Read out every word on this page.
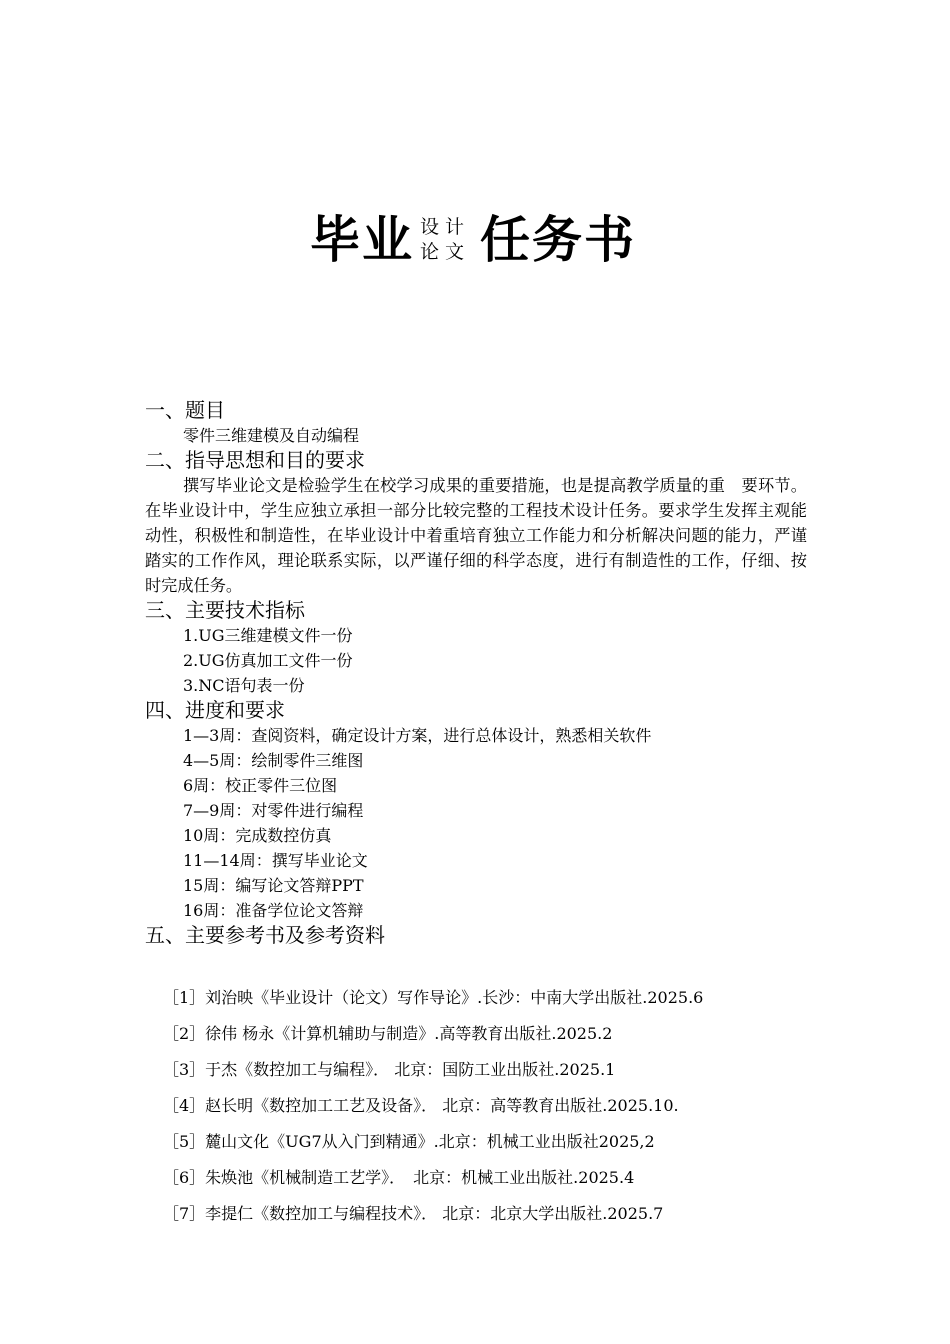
毕业 设计
论文 任务书

一、题目

零件三维建模及自动编程

二、指导思想和目的要求

撰写毕业论文是检验学生在校学习成果的重要措施，也是提高教学质量的重　要环节。在毕业设计中，学生应独立承担一部分比较完整的工程技术设计任务。要求学生发挥主观能动性，积极性和制造性，在毕业设计中着重培育独立工作能力和分析解决问题的能力，严谨踏实的工作作风，理论联系实际，以严谨仔细的科学态度，进行有制造性的工作，仔细、按时完成任务。

三、主要技术指标

1.UG三维建模文件一份

2.UG仿真加工文件一份

3.NC语句表一份

四、进度和要求

1—3周：查阅资料，确定设计方案，进行总体设计，熟悉相关软件

4—5周：绘制零件三维图

6周：校正零件三位图

7—9周：对零件进行编程

10周：完成数控仿真

11—14周：撰写毕业论文

15周：编写论文答辩PPT

16周：准备学位论文答辩

五、主要参考书及参考资料

［1］刘治映《毕业设计（论文）写作导论》.长沙：中南大学出版社.2025.6

［2］徐伟 杨永《计算机辅助与制造》.高等教育出版社.2025.2

［3］于杰《数控加工与编程》． 北京：国防工业出版社.2025.1

［4］赵长明《数控加工工艺及设备》． 北京：高等教育出版社.2025.10.

［5］麓山文化《UG7从入门到精通》.北京：机械工业出版社2025,2

［6］朱焕池《机械制造工艺学》．　北京：机械工业出版社.2025.4

［7］李提仁《数控加工与编程技术》． 北京：北京大学出版社.2025.7
